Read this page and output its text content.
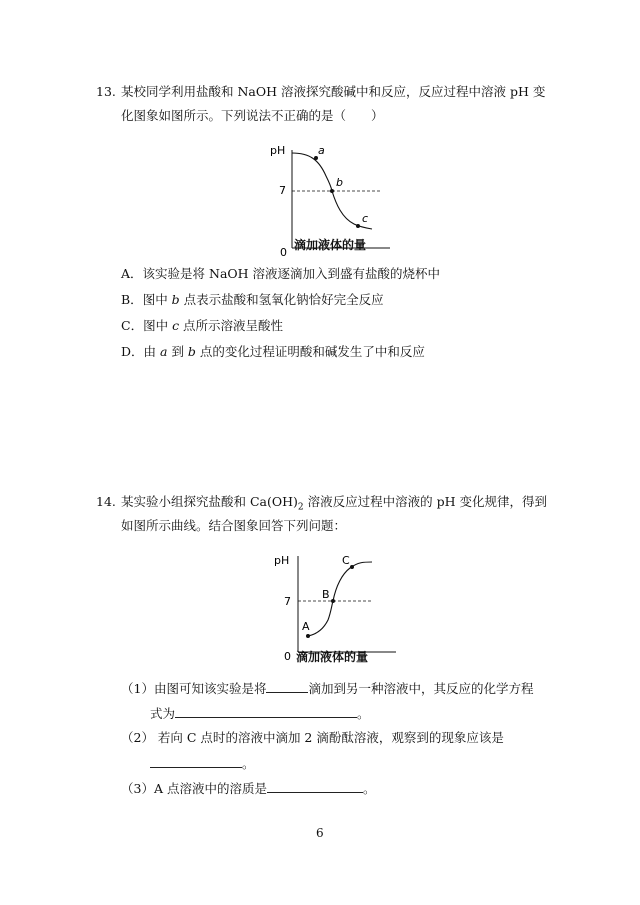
13. 某校同学利用盐酸和 NaOH 溶液探究酸碱中和反应，反应过程中溶液 pH 变
化图象如图所示。下列说法不正确的是（　　）
pH
7
0
a
b
c
滴加液体的量
A．该实验是将 NaOH 溶液逐滴加入到盛有盐酸的烧杯中
B．图中 b 点表示盐酸和氢氧化钠恰好完全反应
C．图中 c 点所示溶液呈酸性
D．由 a 到 b 点的变化过程证明酸和碱发生了中和反应
14. 某实验小组探究盐酸和 $Ca(OH)_2$ 溶液反应过程中溶液的 pH 变化规律，得到
如图所示曲线。结合图象回答下列问题：
pH
7
0
A
B
C
滴加液体的量
（1）由图可知该实验是将	滴加到另一种溶液中，其反应的化学方程
式为	。
（2） 若向 C 点时的溶液中滴加 2 滴酚酞溶液，观察到的现象应该是
。
（3）A 点溶液中的溶质是	。
6
